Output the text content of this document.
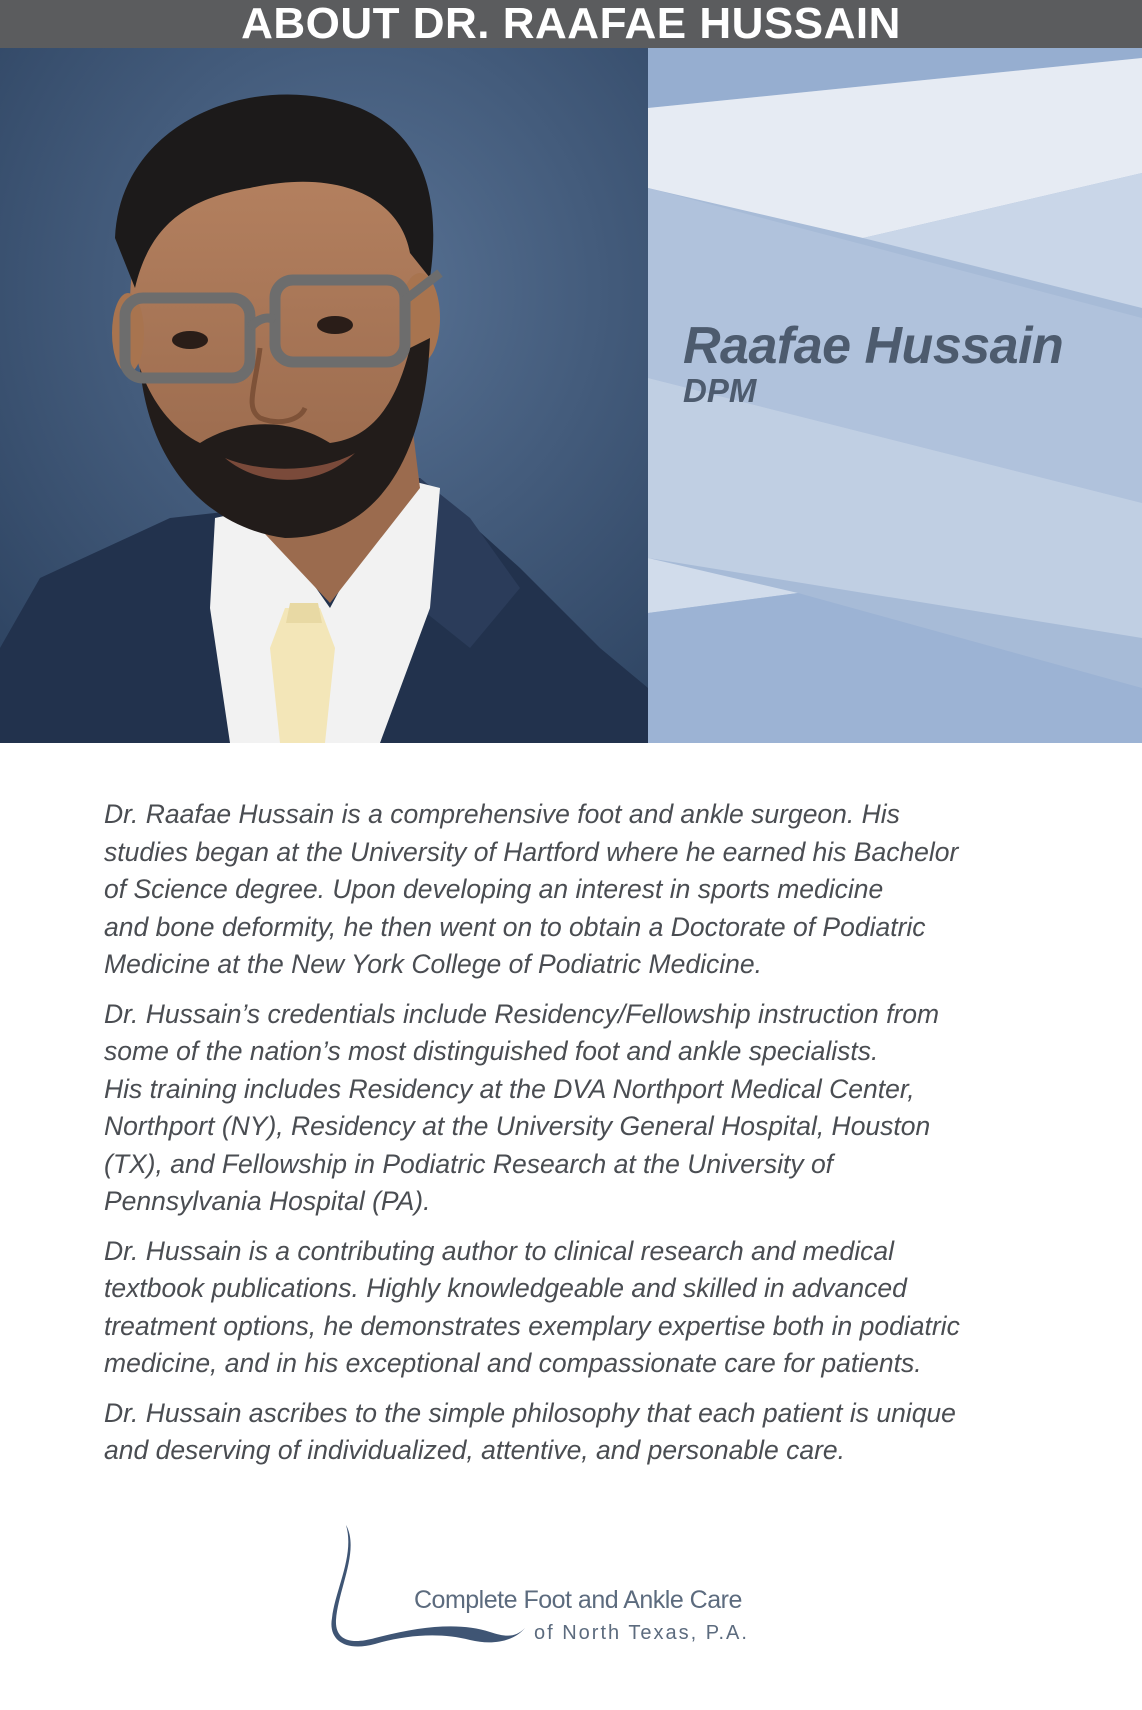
ABOUT DR. RAAFAE HUSSAIN
Raafae Hussain
DPM

Dr. Raafae Hussain is a comprehensive foot and ankle surgeon. His
studies began at the University of Hartford where he earned his Bachelor
of Science degree. Upon developing an interest in sports medicine
and bone deformity, he then went on to obtain a Doctorate of Podiatric
Medicine at the New York College of Podiatric Medicine.

Dr. Hussain’s credentials include Residency/Fellowship instruction from
some of the nation’s most distinguished foot and ankle specialists.
His training includes Residency at the DVA Northport Medical Center,
Northport (NY), Residency at the University General Hospital, Houston
(TX), and Fellowship in Podiatric Research at the University of
Pennsylvania Hospital (PA).

Dr. Hussain is a contributing author to clinical research and medical
textbook publications. Highly knowledgeable and skilled in advanced
treatment options, he demonstrates exemplary expertise both in podiatric
medicine, and in his exceptional and compassionate care for patients.

Dr. Hussain ascribes to the simple philosophy that each patient is unique
and deserving of individualized, attentive, and personable care.

Complete Foot and Ankle Care
of North Texas, P.A.
